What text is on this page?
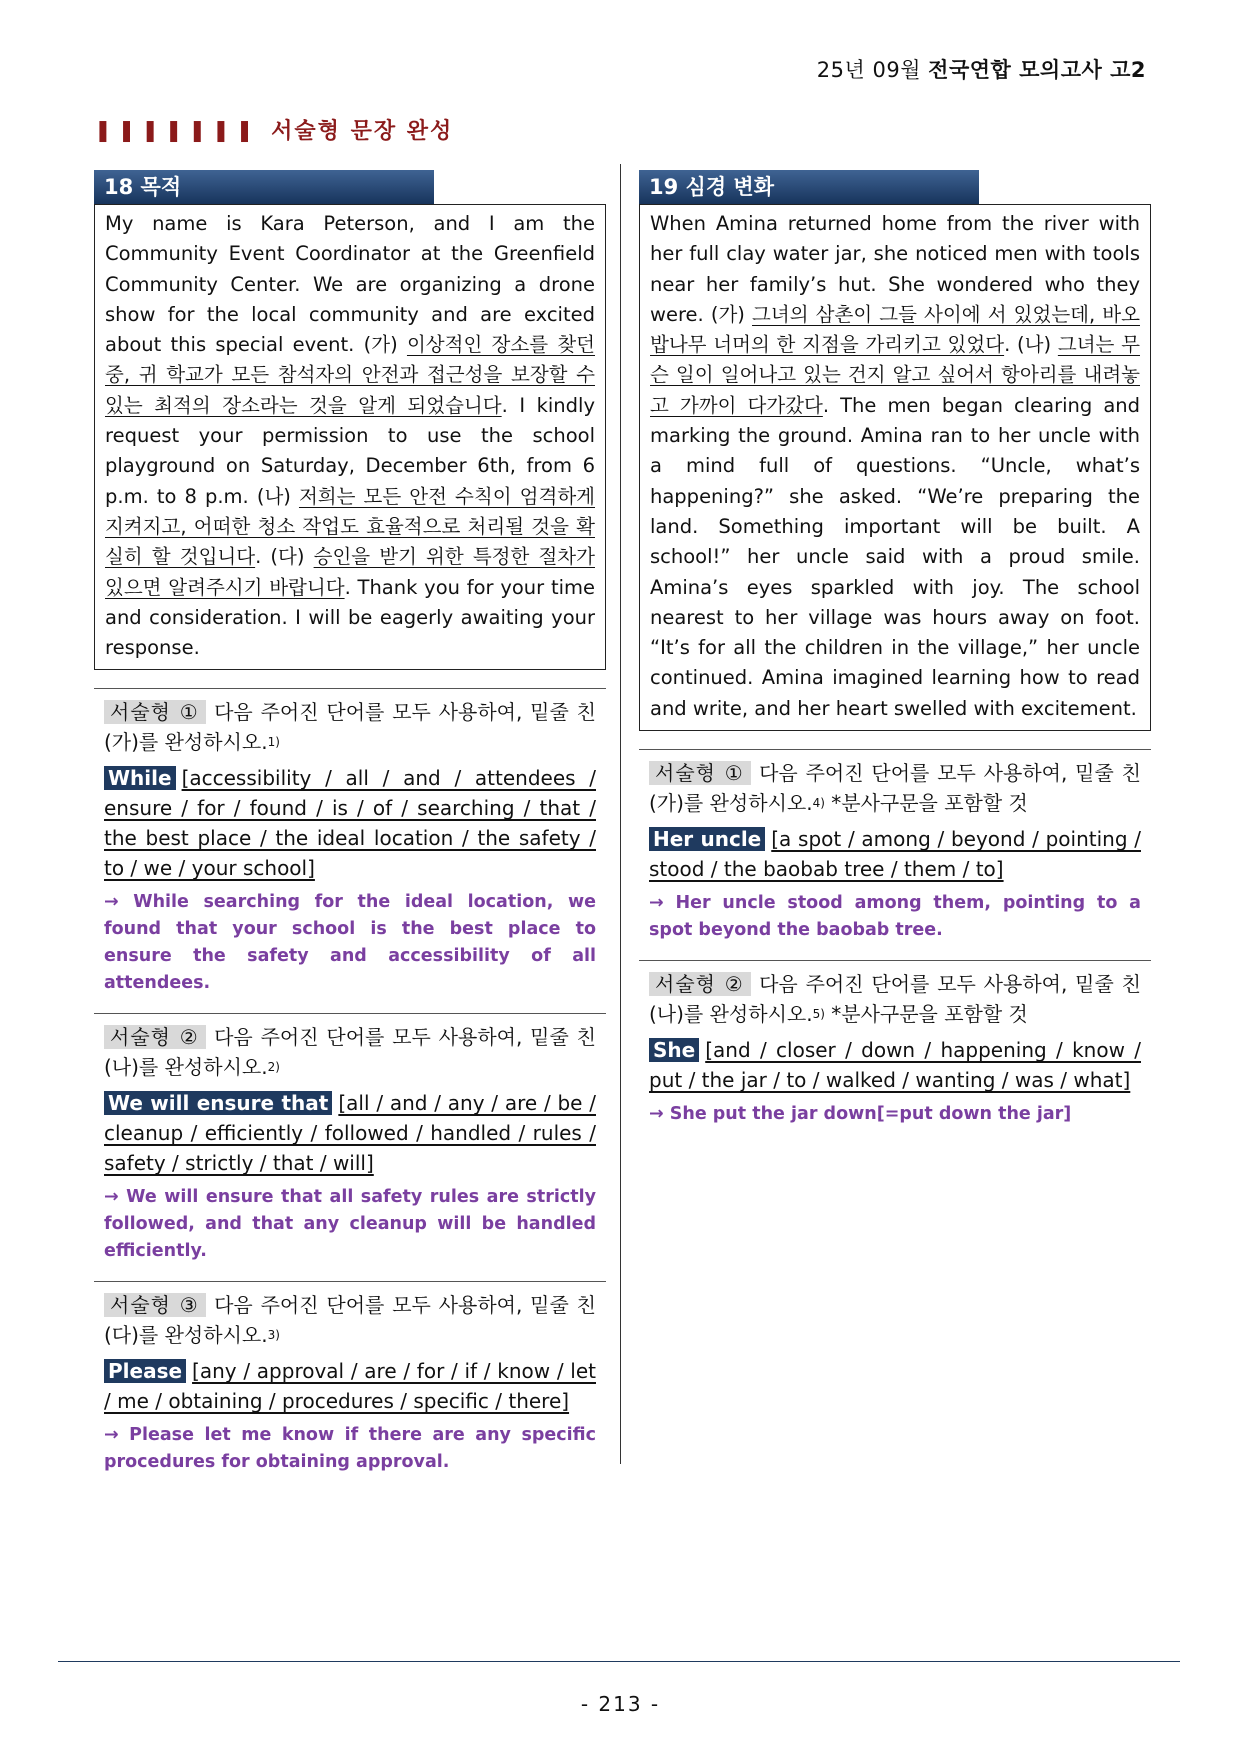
25년 09월 전국연합 모의고사 고2
❚❚❚❚❚❚❚ 서술형 문장 완성
18 목적
My name is Kara Peterson, and I am the Community Event Coordinator at the Greenfield Community Center. We are organizing a drone show for the local community and are excited about this special event. (가) 이상적인 장소를 찾던 중, 귀 학교가 모든 참석자의 안전과 접근성을 보장할 수 있는 최적의 장소라는 것을 알게 되었습니다. I kindly request your permission to use the school playground on Saturday, December 6th, from 6 p.m. to 8 p.m. (나) 저희는 모든 안전 수칙이 엄격하게 지켜지고, 어떠한 청소 작업도 효율적으로 처리될 것을 확실히 할 것입니다. (다) 승인을 받기 위한 특정한 절차가 있으면 알려주시기 바랍니다. Thank you for your time and consideration. I will be eagerly awaiting your response.
서술형 ① 다음 주어진 단어를 모두 사용하여, 밑줄 친 (가)를 완성하시오.$^{1)}$
While [accessibility / all / and / attendees / ensure / for / found / is / of / searching / that / the best place / the ideal location / the safety / to / we / your school]
→ While searching for the ideal location, we found that your school is the best place to ensure the safety and accessibility of all attendees.
서술형 ② 다음 주어진 단어를 모두 사용하여, 밑줄 친 (나)를 완성하시오.$^{2)}$
We will ensure that [all / and / any / are / be / cleanup / efficiently / followed / handled / rules / safety / strictly / that / will]
→ We will ensure that all safety rules are strictly followed, and that any cleanup will be handled efficiently.
서술형 ③ 다음 주어진 단어를 모두 사용하여, 밑줄 친 (다)를 완성하시오.$^{3)}$
Please [any / approval / are / for / if / know / let / me / obtaining / procedures / specific / there]
→ Please let me know if there are any specific procedures for obtaining approval.
19 심경 변화
When Amina returned home from the river with her full clay water jar, she noticed men with tools near her family’s hut. She wondered who they were. (가) 그녀의 삼촌이 그들 사이에 서 있었는데, 바오밥나무 너머의 한 지점을 가리키고 있었다. (나) 그녀는 무슨 일이 일어나고 있는 건지 알고 싶어서 항아리를 내려놓고 가까이 다가갔다. The men began clearing and marking the ground. Amina ran to her uncle with a mind full of questions. “Uncle, what’s happening?” she asked. “We’re preparing the land. Something important will be built. A school!” her uncle said with a proud smile. Amina’s eyes sparkled with joy. The school nearest to her village was hours away on foot. “It’s for all the children in the village,” her uncle continued. Amina imagined learning how to read and write, and her heart swelled with excitement.
서술형 ① 다음 주어진 단어를 모두 사용하여, 밑줄 친 (가)를 완성하시오.$^{4)}$ *분사구문을 포함할 것
Her uncle [a spot / among / beyond / pointing / stood / the baobab tree / them / to]
→ Her uncle stood among them, pointing to a spot beyond the baobab tree.
서술형 ② 다음 주어진 단어를 모두 사용하여, 밑줄 친 (나)를 완성하시오.$^{5)}$ *분사구문을 포함할 것
She [and / closer / down / happening / know / put / the jar / to / walked / wanting / was / what]
→ She put the jar down[=put down the jar]
- 213 -
